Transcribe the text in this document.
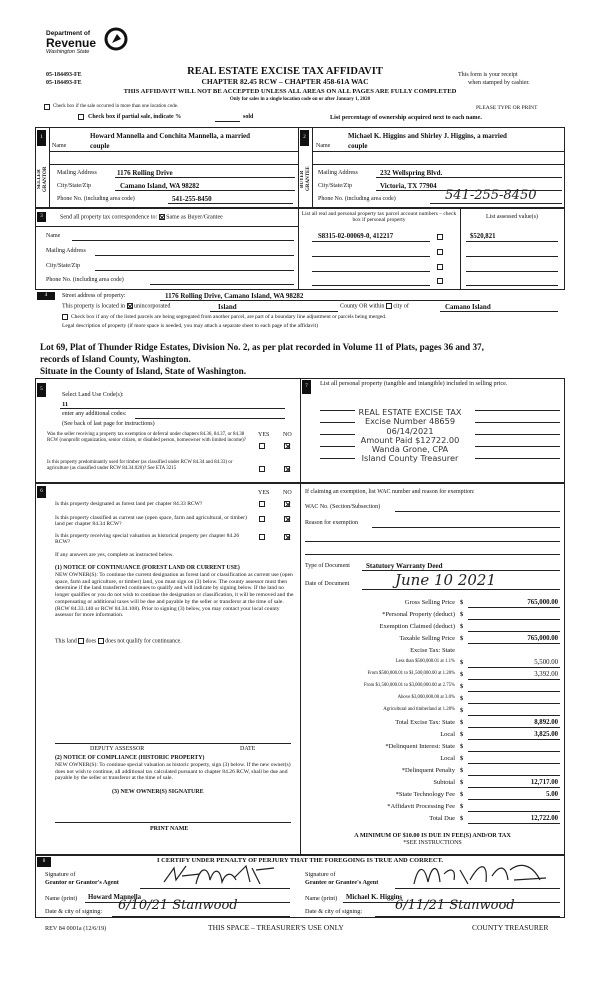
Department of
Revenue
Washington State
05-184493-FE
05-184493-FE
REAL ESTATE EXCISE TAX AFFIDAVIT
CHAPTER 82.45 RCW – CHAPTER 458-61A WAC
THIS AFFIDAVIT WILL NOT BE ACCEPTED UNLESS ALL AREAS ON ALL PAGES ARE FULLY COMPLETED
Only for sales in a single location code on or after January 1, 2020
This form is your receipt
when stamped by cashier.
PLEASE TYPE OR PRINT
Check box if the sale occurred in more than one location code.
Check box if partial sale, indicate %	sold	List percentage of ownership acquired next to each name.
1
SELLER GRANTOR
Howard Mannella and Conchita Mannella, a married
Name	couple
Mailing Address	1176 Rolling Drive
City/State/Zip	Camano Island, WA 98282
Phone No. (including area code)	541-255-8450
2
BUYER GRANTEE
Michael K. Higgins and Shirley J. Higgins, a married
Name	couple
Mailing Address	232 Wellspring Blvd.
City/State/Zip	Victoria, TX 77904
Phone No. (including area code)	541-255-8450
3	Send all property tax correspondence to: Same as Buyer/Grantee
Name
Mailing Address
City/State/Zip
Phone No. (including area code)
List all real and personal property tax parcel account numbers – check box if personal property
List assessed value(s)
S8315-02-00069-0, 412217	$520,821
4	Street address of property:	1176 Rolling Drive, Camano Island, WA 98282
This property is located in unincorporated	Island	County OR within city of	Camano Island
Check box if any of the listed parcels are being segregated from another parcel, are part of a boundary line adjustment or parcels being merged.
Legal description of property (if more space is needed, you may attach a separate sheet to each page of the affidavit)
Lot 69, Plat of Thunder Ridge Estates, Division No. 2, as per plat recorded in Volume 11 of Plats, pages 36 and 37,
records of Island County, Washington.
Situate in the County of Island, State of Washington.
5
Select Land Use Code(s):
11
enter any additional codes:
(See back of last page for instructions)
YES NO
Was the seller receiving a property tax exemption or deferral under chapters 84.36, 84.37, or 84.38 RCW (nonprofit organization, senior citizen, or disabled person, homeowner with limited income)?
Is this property predominantly used for timber (as classified under RCW 84.34 and 84.33) or agriculture (as classified under RCW 84.34.020)? See ETA 3215
7	List all personal property (tangible and intangible) included in selling price.
REAL ESTATE EXCISE TAX
Excise Number 48659
06/14/2021
Amount Paid $12722.00
Wanda Grone, CPA
Island County Treasurer
6	YES NO
Is this property designated as forest land per chapter 84.33 RCW?
Is this property classified as current use (open space, farm and agricultural, or timber) land per chapter 84.34 RCW?
Is this property receiving special valuation as historical property per chapter 84.26 RCW?
If any answers are yes, complete as instructed below.
(1) NOTICE OF CONTINUANCE (FOREST LAND OR CURRENT USE)
NEW OWNER(S): To continue the current designation as forest land or classification as current use (open space, farm and agriculture, or timber) land, you must sign on (3) below. The county assessor must then determine if the land transferred continues to qualify and will indicate by signing below. If the land no longer qualifies or you do not wish to continue the designation or classification, it will be removed and the compensating or additional taxes will be due and payable by the seller or transferor at the time of sale. (RCW 84.33.140 or RCW 84.34.108). Prior to signing (3) below, you may contact your local county assessor for more information.
This land does does not qualify for continuance.
DEPUTY ASSESSOR	DATE
(2) NOTICE OF COMPLIANCE (HISTORIC PROPERTY)
NEW OWNER(S): To continue special valuation as historic property, sign (3) below. If the new owner(s) does not wish to continue, all additional tax calculated pursuant to chapter 84.26 RCW, shall be due and payable by the seller or transferor at the time of sale.
(3) NEW OWNER(S) SIGNATURE
PRINT NAME
If claiming an exemption, list WAC number and reason for exemption:
WAC No. (Section/Subsection)
Reason for exemption
Type of Document Statutory Warranty Deed
Date of Document	June 10 2021
Gross Selling Price $	765,000.00
*Personal Property (deduct) $
Exemption Claimed (deduct) $
Taxable Selling Price $	765,000.00
Excise Tax: State
Less than $500,000.01 at 1.1% $	5,500.00
From $500,000.01 to $1,500,000.00 at 1.28% $	3,392.00
From $1,500,000.01 to $3,000,000.00 at 2.75% $
Above $3,000,000.00 at 3.0% $
Agricultural and timberland at 1.28% $
Total Excise Tax: State $	8,892.00
Local $	3,825.00
*Delinquent Interest: State $
Local $
*Delinquent Penalty $
Subtotal $	12,717.00
*State Technology Fee $	5.00
*Affidavit Processing Fee $
Total Due $	12,722.00
A MINIMUM OF $10.00 IS DUE IN FEE(S) AND/OR TAX
*SEE INSTRUCTIONS
8	I CERTIFY UNDER PENALTY OF PERJURY THAT THE FOREGOING IS TRUE AND CORRECT.
Signature of
Grantor or Grantor's Agent
Signature of
Grantee or Grantee's Agent
Name (print) Howard Mannella	Name (print) Michael K. Higgins
Date & city of signing: 6/10/21 Stanwood	Date & city of signing:	6/11/21 Stanwood
REV 84 0001a (12/6/19)	THIS SPACE – TREASURER'S USE ONLY	COUNTY TREASURER
